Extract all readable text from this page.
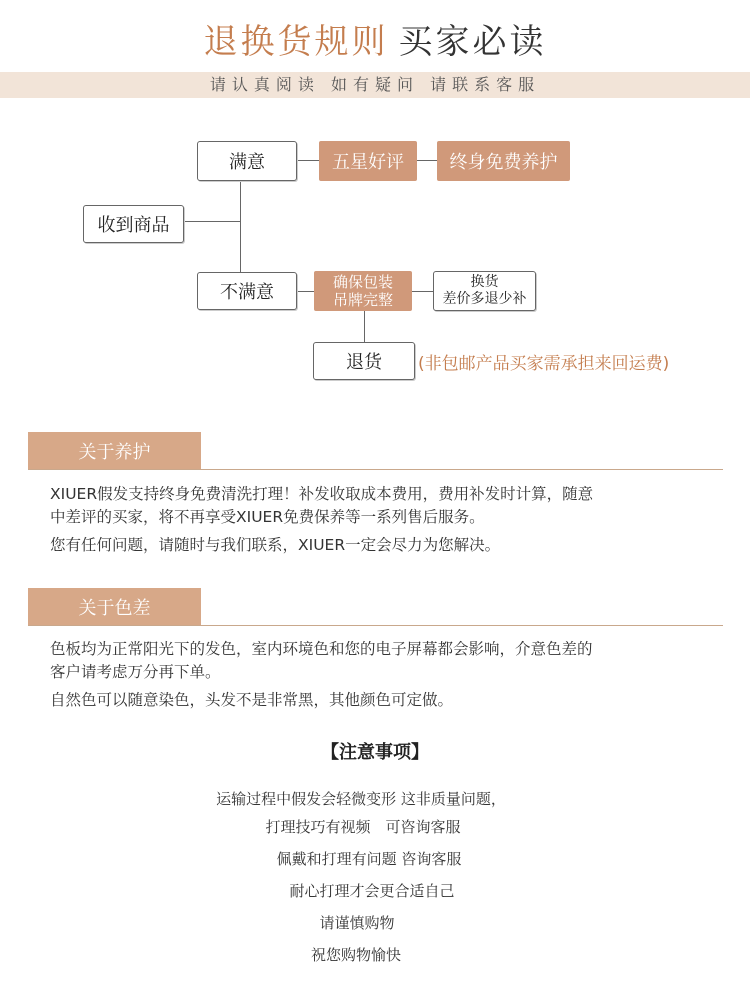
退换货规则 买家必读
请认真阅读 如有疑问 请联系客服
满意	五星好评	终身免费养护
收到商品
不满意	确保包装
吊牌完整
换货
差价多退少补
退货	(非包邮产品买家需承担来回运费)
关于养护
XIUER假发支持终身免费清洗打理！补发收取成本费用，费用补发时计算，随意
中差评的买家，将不再享受XIUER免费保养等一系列售后服务。
您有任何问题，请随时与我们联系，XIUER一定会尽力为您解决。
关于色差
色板均为正常阳光下的发色，室内环境色和您的电子屏幕都会影响，介意色差的
客户请考虑万分再下单。
自然色可以随意染色，头发不是非常黑，其他颜色可定做。
【注意事项】
运输过程中假发会轻微变形 这非质量问题，
打理技巧有视频　可咨询客服
佩戴和打理有问题 咨询客服
耐心打理才会更合适自己
请谨慎购物
祝您购物愉快
